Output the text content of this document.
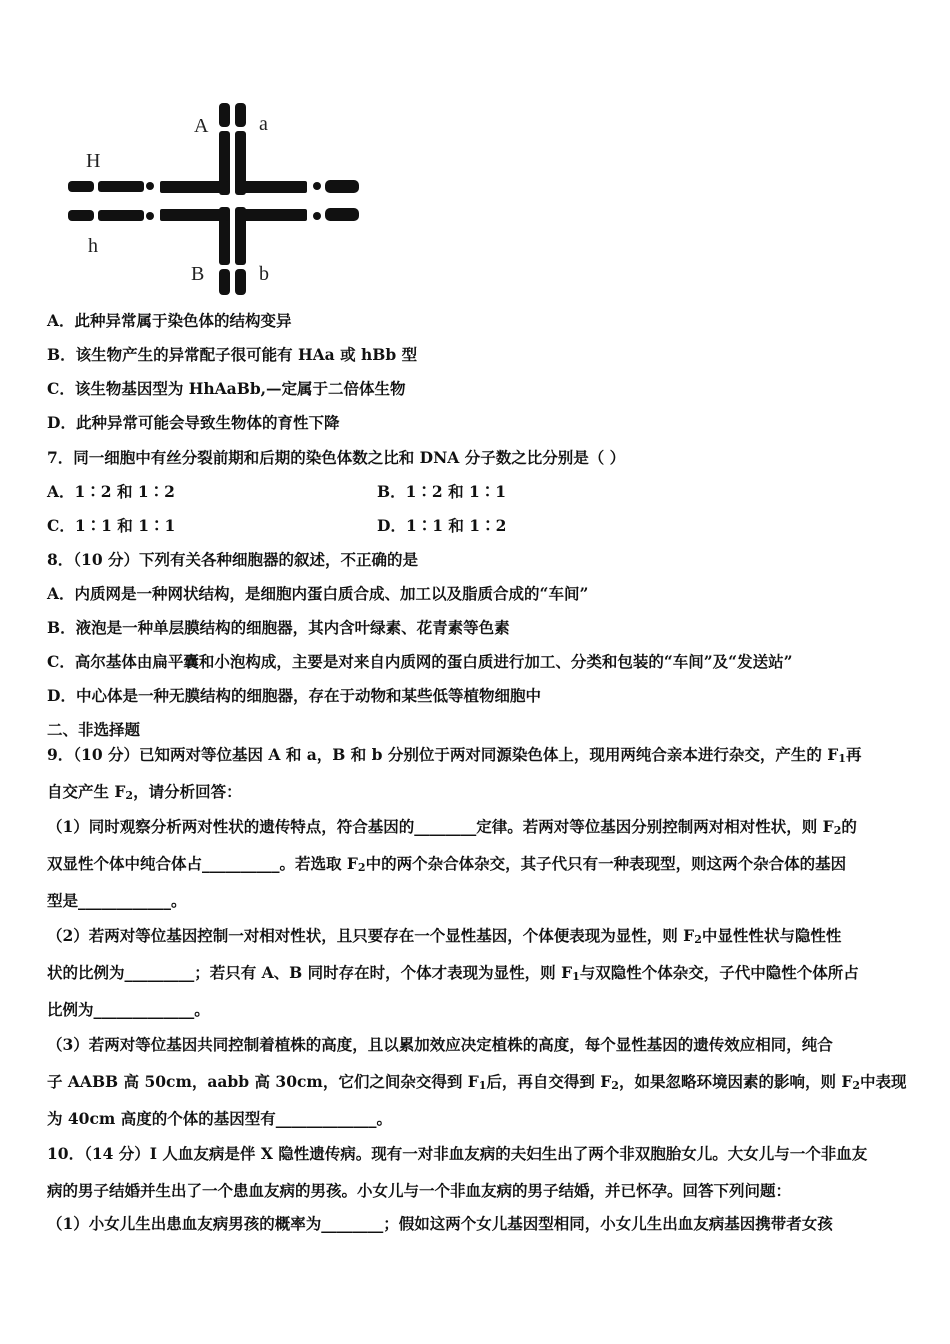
A	a
H
h
B	b
A．此种异常属于染色体的结构变异
B．该生物产生的异常配子很可能有 HAa 或 hBb 型
C．该生物基因型为 HhAaBb,—定属于二倍体生物
D．此种异常可能会导致生物体的育性下降
7．同一细胞中有丝分裂前期和后期的染色体数之比和 DNA 分子数之比分别是（ ）
A．1∶2 和 1∶2	B．1∶2 和 1∶1
C．1∶1 和 1∶1	D．1∶1 和 1∶2
8．（10 分）下列有关各种细胞器的叙述，不正确的是
A．内质网是一种网状结构，是细胞内蛋白质合成、加工以及脂质合成的“车间”
B．液泡是一种单层膜结构的细胞器，其内含叶绿素、花青素等色素
C．高尔基体由扁平囊和小泡构成，主要是对来自内质网的蛋白质进行加工、分类和包装的“车间”及“发送站”
D．中心体是一种无膜结构的细胞器，存在于动物和某些低等植物细胞中
二、非选择题
9．（10 分）已知两对等位基因 A 和 a，B 和 b 分别位于两对同源染色体上，现用两纯合亲本进行杂交，产生的 F1再
自交产生 F2，请分析回答：
（1）同时观察分析两对性状的遗传特点，符合基因的________定律。若两对等位基因分别控制两对相对性状，则 F2的
双显性个体中纯合体占__________。若选取 F2中的两个杂合体杂交，其子代只有一种表现型，则这两个杂合体的基因
型是____________。
（2）若两对等位基因控制一对相对性状，且只要存在一个显性基因，个体便表现为显性，则 F2中显性性状与隐性性
状的比例为_________；若只有 A、B 同时存在时，个体才表现为显性，则 F1与双隐性个体杂交，子代中隐性个体所占
比例为_____________。
（3）若两对等位基因共同控制着植株的高度，且以累加效应决定植株的高度，每个显性基因的遗传效应相同，纯合
子 AABB 高 50cm，aabb 高 30cm，它们之间杂交得到 F1后，再自交得到 F2，如果忽略环境因素的影响，则 F2中表现
为 40cm 高度的个体的基因型有_____________。
10．（14 分）I 人血友病是伴 X 隐性遗传病。现有一对非血友病的夫妇生出了两个非双胞胎女儿。大女儿与一个非血友
病的男子结婚并生出了一个患血友病的男孩。小女儿与一个非血友病的男子结婚，并已怀孕。回答下列问题：
（1）小女儿生出患血友病男孩的概率为________；假如这两个女儿基因型相同，小女儿生出血友病基因携带者女孩
